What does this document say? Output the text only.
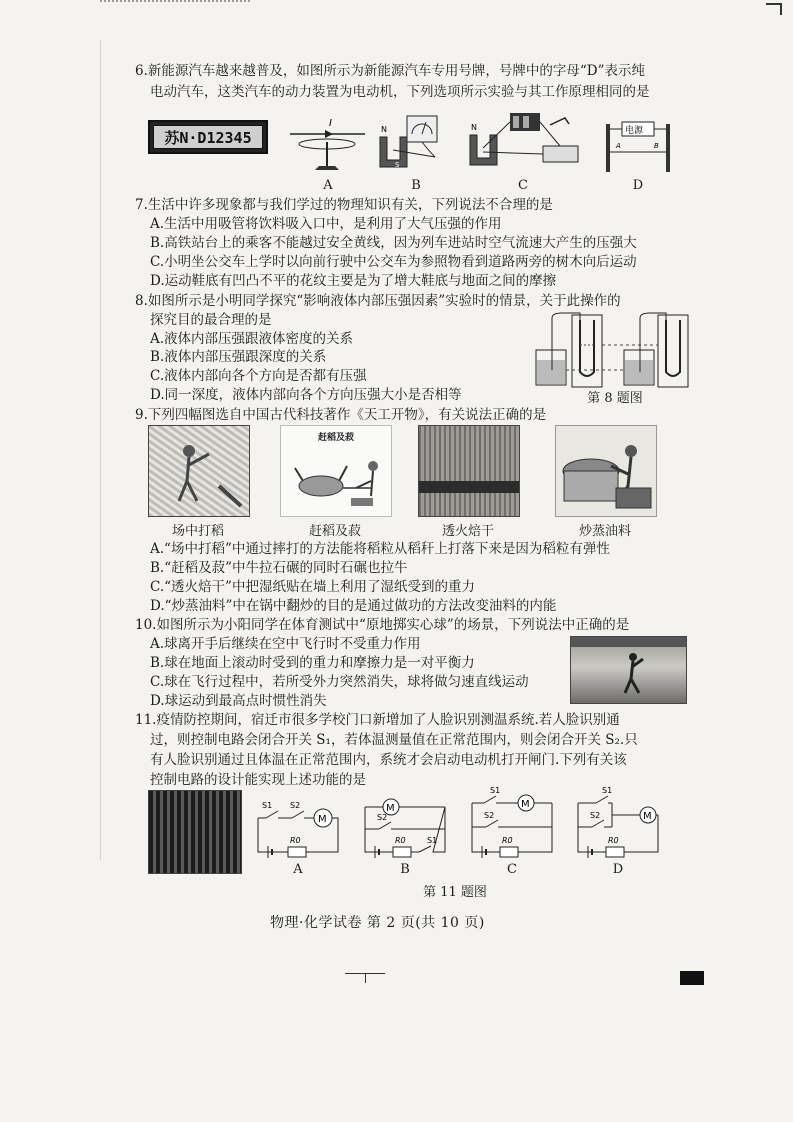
6.新能源汽车越来越普及，如图所示为新能源汽车专用号牌，号牌中的字母“D”表示纯
电动汽车，这类汽车的动力装置为电动机，下列选项所示实验与其工作原理相同的是
苏N·D12345
I
A
N
S
B
N
C
电源
A	B
D
7.生活中许多现象都与我们学过的物理知识有关，下列说法不合理的是
A.生活中用吸管将饮料吸入口中，是利用了大气压强的作用
B.高铁站台上的乘客不能越过安全黄线，因为列车进站时空气流速大产生的压强大
C.小明坐公交车上学时以向前行驶中公交车为参照物看到道路两旁的树木向后运动
D.运动鞋底有凹凸不平的花纹主要是为了增大鞋底与地面之间的摩擦
8.如图所示是小明同学探究“影响液体内部压强因素”实验时的情景，关于此操作的
探究目的最合理的是
A.液体内部压强跟液体密度的关系
B.液体内部压强跟深度的关系
C.液体内部向各个方向是否都有压强
D.同一深度，液体内部向各个方向压强大小是否相等	第 8 题图
9.下列四幅图选自中国古代科技著作《天工开物》，有关说法正确的是
赶稻及菽
场中打稻	赶稻及菽	透火焙干	炒蒸油料
A.“场中打稻”中通过摔打的方法能将稻粒从稻秆上打落下来是因为稻粒有弹性
B.“赶稻及菽”中牛拉石碾的同时石碾也拉牛
C.“透火焙干”中把湿纸贴在墙上利用了湿纸受到的重力
D.“炒蒸油料”中在锅中翻炒的目的是通过做功的方法改变油料的内能
10.如图所示为小阳同学在体育测试中“原地掷实心球”的场景，下列说法中正确的是
A.球离开手后继续在空中飞行时不受重力作用
B.球在地面上滚动时受到的重力和摩擦力是一对平衡力
C.球在飞行过程中，若所受外力突然消失，球将做匀速直线运动
D.球运动到最高点时惯性消失
11.疫情防控期间，宿迁市很多学校门口新增加了人脸识别测温系统.若人脸识别通
过，则控制电路会闭合开关 S₁，若体温测量值在正常范围内，则会闭合开关 S₂.只
有人脸识别通过且体温在正常范围内，系统才会启动电动机打开闸门.下列有关该
控制电路的设计能实现上述功能的是
M
S1 S2
R0
A
M
S2
R0	S1
B
M
S1
S2
R0
C
S1
S2	M
R0
D
第 11 题图
物理·化学试卷 第 2 页(共 10 页)
